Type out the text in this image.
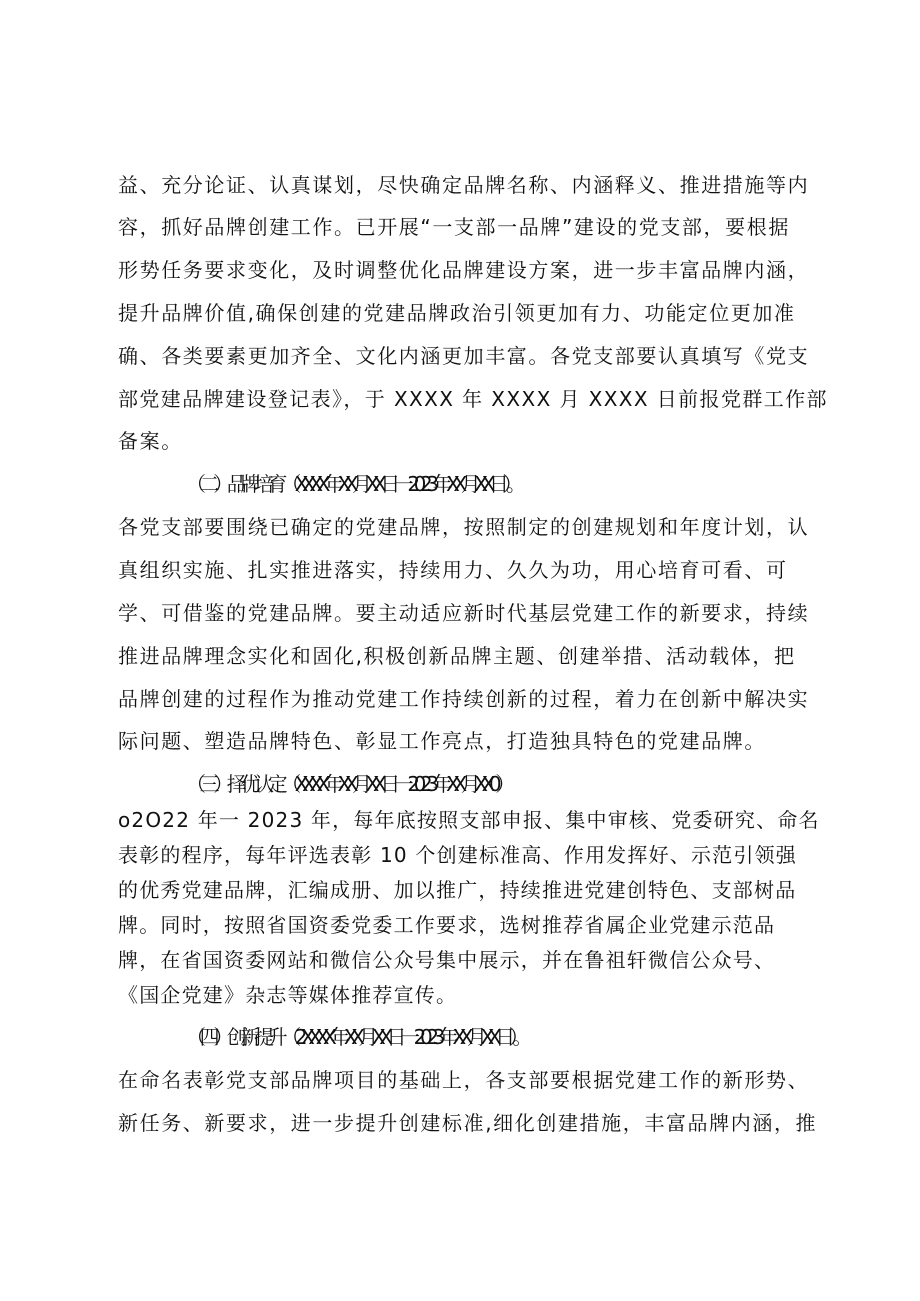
益、充分论证、认真谋划，尽快确定品牌名称、内涵释义、推进措施等内
容，抓好品牌创建工作。已开展“一支部一品牌”建设的党支部，要根据
形势任务要求变化，及时调整优化品牌建设方案，进一步丰富品牌内涵，
提升品牌价值,确保创建的党建品牌政治引领更加有力、功能定位更加准
确、各类要素更加齐全、文化内涵更加丰富。各党支部要认真填写《党支
部党建品牌建设登记表》，于 XXXX 年 XXXX 月 XXXX 日前报党群工作部
备案。
（二）品牌培育（XXXX 年 XX 月 XX 日一 2023 年 XX 月 XX 日）。
各党支部要围绕已确定的党建品牌，按照制定的创建规划和年度计划，认
真组织实施、扎实推进落实，持续用力、久久为功，用心培育可看、可
学、可借鉴的党建品牌。要主动适应新时代基层党建工作的新要求，持续
推进品牌理念实化和固化,积极创新品牌主题、创建举措、活动载体，把
品牌创建的过程作为推动党建工作持续创新的过程，着力在创新中解决实
际问题、塑造品牌特色、彰显工作亮点，打造独具特色的党建品牌。
（三）择优认定（XXXX 年 XX 月 XX 日一 2023 年 XX 月 XX0）
o2O22 年一 2023 年，每年底按照支部申报、集中审核、党委研究、命名
表彰的程序，每年评选表彰 10 个创建标准高、作用发挥好、示范引领强
的优秀党建品牌，汇编成册、加以推广，持续推进党建创特色、支部树品
牌。同时，按照省国资委党委工作要求，选树推荐省属企业党建示范品
牌，在省国资委网站和微信公众号集中展示，并在鲁祖轩微信公众号、
《国企党建》杂志等媒体推荐宣传。
（四）创新提升（2XXXX 年 XX 月 XX 日一 2023 年 XX 月 XX 日）。
在命名表彰党支部品牌项目的基础上，各支部要根据党建工作的新形势、
新任务、新要求，进一步提升创建标准,细化创建措施，丰富品牌内涵，推
